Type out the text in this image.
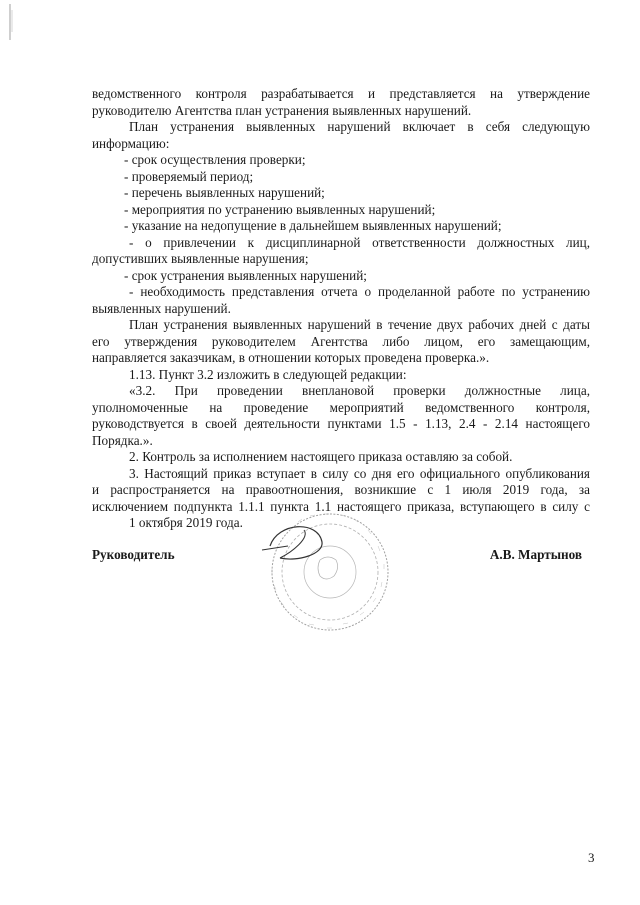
ведомственного контроля разрабатывается и представляется на утверждение

руководителю Агентства план устранения выявленных нарушений.

План устранения выявленных нарушений включает в себя следующую

информацию:

- срок осуществления проверки;

- проверяемый период;

- перечень выявленных нарушений;

- мероприятия по устранению выявленных нарушений;

- указание на недопущение в дальнейшем выявленных нарушений;

- о привлечении к дисциплинарной ответственности должностных лиц,

допустивших выявленные нарушения;

- срок устранения выявленных нарушений;

- необходимость представления отчета о проделанной работе по устранению

выявленных нарушений.

План устранения выявленных нарушений в течение двух рабочих дней с даты

его утверждения руководителем Агентства либо лицом, его замещающим,

направляется заказчикам, в отношении которых проведена проверка.».

1.13. Пункт 3.2 изложить в следующей редакции:

«3.2. При проведении внеплановой проверки должностные лица,

уполномоченные на проведение мероприятий ведомственного контроля,

руководствуется в своей деятельности пунктами 1.5 - 1.13, 2.4 - 2.14 настоящего

Порядка.».

2. Контроль за исполнением настоящего приказа оставляю за собой.

3. Настоящий приказ вступает в силу со дня его официального опубликования

и распространяется на правоотношения, возникшие с 1 июля 2019 года, за

исключением подпункта 1.1.1 пункта 1.1 настоящего приказа, вступающего в силу с

1 октября 2019 года.

Руководитель	А.В. Мартынов
3
